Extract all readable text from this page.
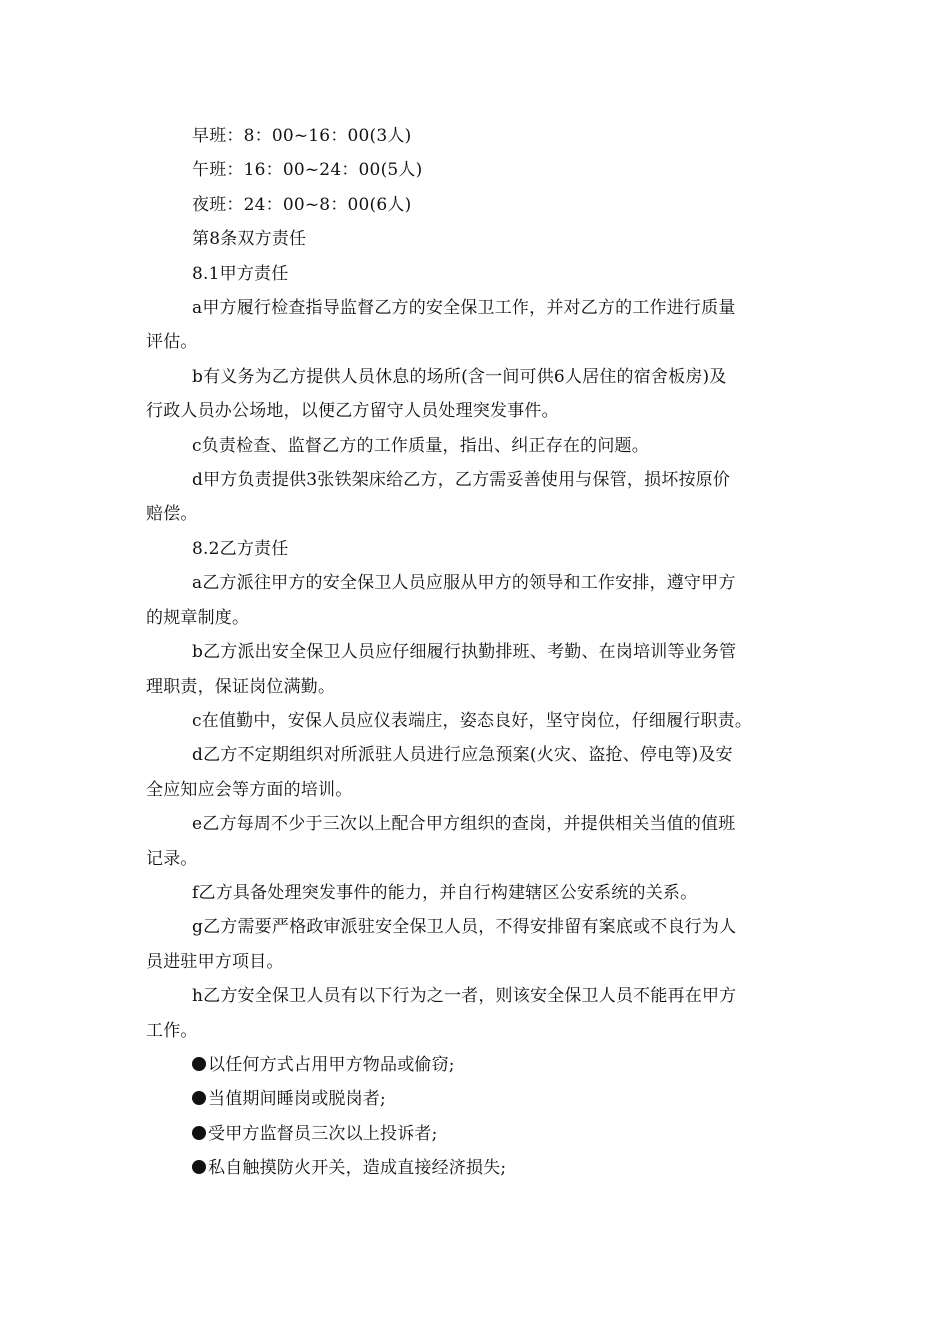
早班：8：00~16：00(3人)
午班：16：00~24：00(5人)
夜班：24：00~8：00(6人)
第8条双方责任
8.1甲方责任
a甲方履行检查指导监督乙方的安全保卫工作，并对乙方的工作进行质量
评估。
b有义务为乙方提供人员休息的场所(含一间可供6人居住的宿舍板房)及
行政人员办公场地，以便乙方留守人员处理突发事件。
c负责检查、监督乙方的工作质量，指出、纠正存在的问题。
d甲方负责提供3张铁架床给乙方，乙方需妥善使用与保管，损坏按原价
赔偿。
8.2乙方责任
a乙方派往甲方的安全保卫人员应服从甲方的领导和工作安排，遵守甲方
的规章制度。
b乙方派出安全保卫人员应仔细履行执勤排班、考勤、在岗培训等业务管
理职责，保证岗位满勤。
c在值勤中，安保人员应仪表端庄，姿态良好，坚守岗位，仔细履行职责。
d乙方不定期组织对所派驻人员进行应急预案(火灾、盗抢、停电等)及安
全应知应会等方面的培训。
e乙方每周不少于三次以上配合甲方组织的查岗，并提供相关当值的值班
记录。
f乙方具备处理突发事件的能力，并自行构建辖区公安系统的关系。
g乙方需要严格政审派驻安全保卫人员，不得安排留有案底或不良行为人
员进驻甲方项目。
h乙方安全保卫人员有以下行为之一者，则该安全保卫人员不能再在甲方
工作。
以任何方式占用甲方物品或偷窃;
当值期间睡岗或脱岗者;
受甲方监督员三次以上投诉者;
私自触摸防火开关，造成直接经济损失;
